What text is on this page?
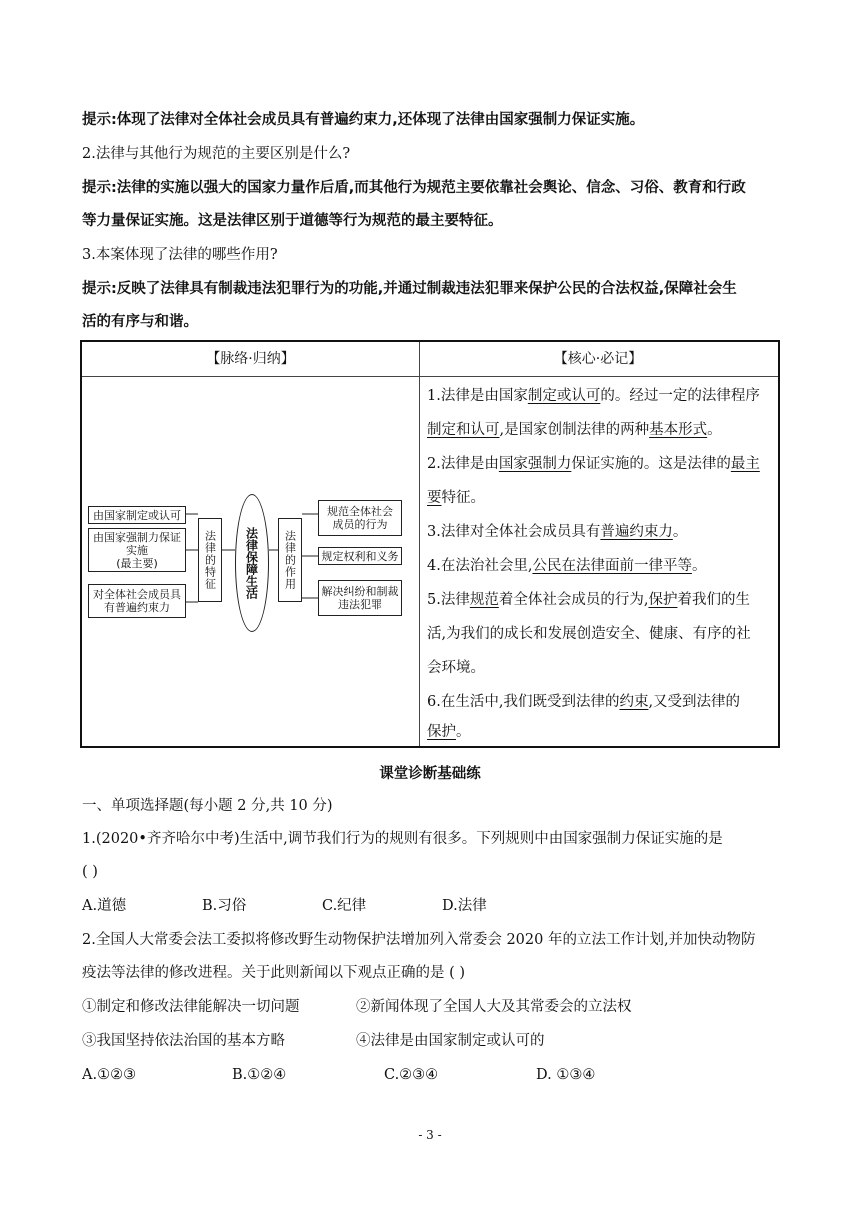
提示:体现了法律对全体社会成员具有普遍约束力,还体现了法律由国家强制力保证实施。
2.法律与其他行为规范的主要区别是什么?
提示:法律的实施以强大的国家力量作后盾,而其他行为规范主要依靠社会舆论、信念、习俗、教育和行政
等力量保证实施。这是法律区别于道德等行为规范的最主要特征。
3.本案体现了法律的哪些作用?
提示:反映了法律具有制裁违法犯罪行为的功能,并通过制裁违法犯罪来保护公民的合法权益,保障社会生
活的有序与和谐。
【脉络·归纳】	【核心·必记】
由国家制定或认可
由国家强制力保证
实施
(最主要)
对全体社会成员具
有普遍约束力
法律的特征	法律保障生活	法律的作用
规范全体社会
成员的行为
规定权利和义务
解决纠纷和制裁
违法犯罪
1.法律是由国家制定或认可的。经过一定的法律程序
制定和认可,是国家创制法律的两种基本形式。
2.法律是由国家强制力保证实施的。这是法律的最主
要特征。
3.法律对全体社会成员具有普遍约束力。
4.在法治社会里,公民在法律面前一律平等。
5.法律规范着全体社会成员的行为,保护着我们的生
活,为我们的成长和发展创造安全、健康、有序的社
会环境。
6.在生活中,我们既受到法律的约束,又受到法律的
保护。
课堂诊断基础练
一、单项选择题(每小题 2 分,共 10 分)
1.(2020•齐齐哈尔中考)生活中,调节我们行为的规则有很多。下列规则中由国家强制力保证实施的是
( )
A.道德	B.习俗	C.纪律	D.法律
2.全国人大常委会法工委拟将修改野生动物保护法增加列入常委会 2020 年的立法工作计划,并加快动物防
疫法等法律的修改进程。关于此则新闻以下观点正确的是 ( )
①制定和修改法律能解决一切问题	②新闻体现了全国人大及其常委会的立法权
③我国坚持依法治国的基本方略	④法律是由国家制定或认可的
A.①②③	B.①②④	C.②③④	D. ①③④
- 3 -
